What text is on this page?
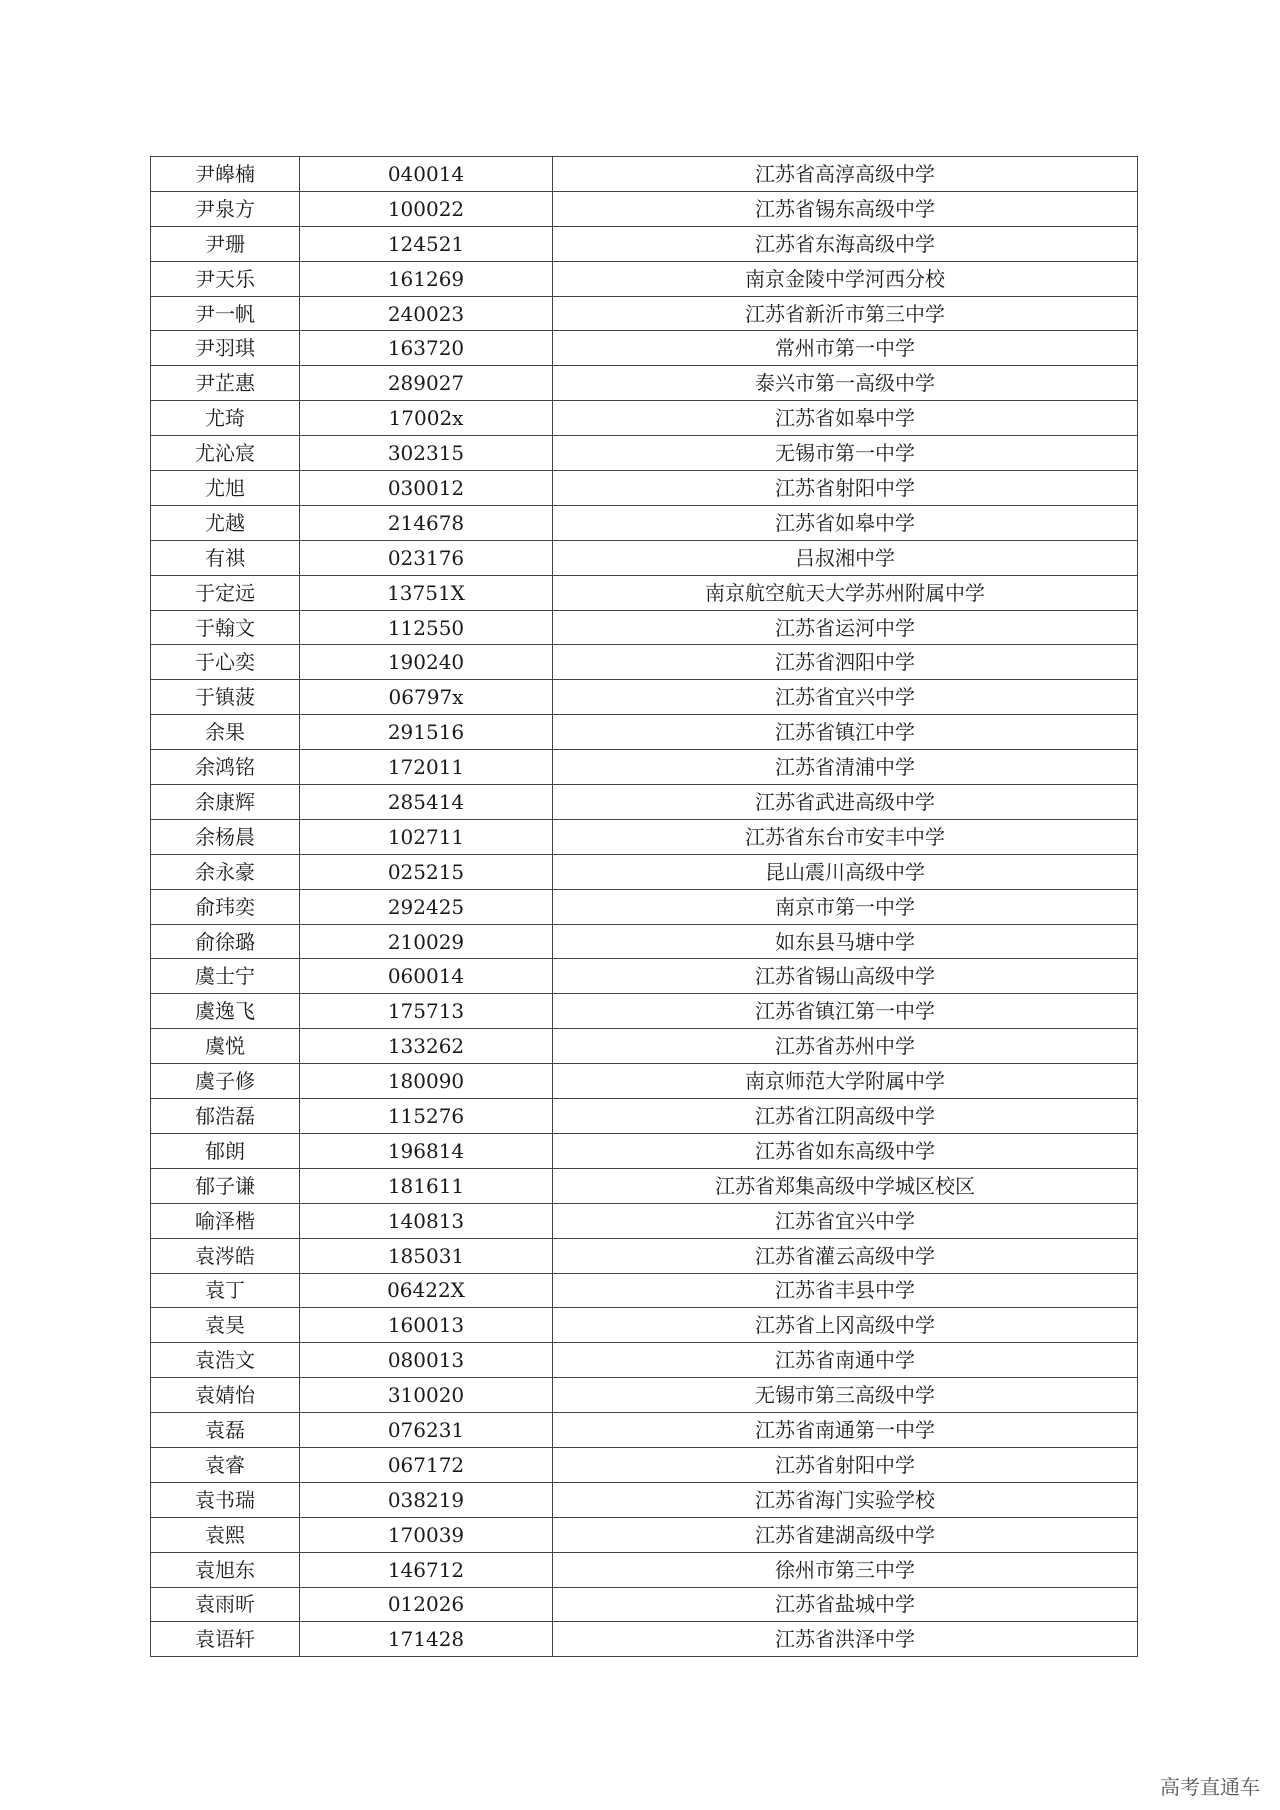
尹皞楠	040014	江苏省高淳高级中学
尹泉方	100022	江苏省锡东高级中学
尹珊	124521	江苏省东海高级中学
尹天乐	161269	南京金陵中学河西分校
尹一帆	240023	江苏省新沂市第三中学
尹羽琪	163720	常州市第一中学
尹芷惠	289027	泰兴市第一高级中学
尤琦	17002x	江苏省如皋中学
尤沁宸	302315	无锡市第一中学
尤旭	030012	江苏省射阳中学
尤越	214678	江苏省如皋中学
有祺	023176	吕叔湘中学
于定远	13751X	南京航空航天大学苏州附属中学
于翰文	112550	江苏省运河中学
于心奕	190240	江苏省泗阳中学
于镇菠	06797x	江苏省宜兴中学
余果	291516	江苏省镇江中学
余鸿铭	172011	江苏省清浦中学
余康辉	285414	江苏省武进高级中学
余杨晨	102711	江苏省东台市安丰中学
余永豪	025215	昆山震川高级中学
俞玮奕	292425	南京市第一中学
俞徐璐	210029	如东县马塘中学
虞士宁	060014	江苏省锡山高级中学
虞逸飞	175713	江苏省镇江第一中学
虞悦	133262	江苏省苏州中学
虞子修	180090	南京师范大学附属中学
郁浩磊	115276	江苏省江阴高级中学
郁朗	196814	江苏省如东高级中学
郁子谦	181611	江苏省郑集高级中学城区校区
喻泽楷	140813	江苏省宜兴中学
袁涔皓	185031	江苏省灌云高级中学
袁丁	06422X	江苏省丰县中学
袁昊	160013	江苏省上冈高级中学
袁浩文	080013	江苏省南通中学
袁婧怡	310020	无锡市第三高级中学
袁磊	076231	江苏省南通第一中学
袁睿	067172	江苏省射阳中学
袁书瑞	038219	江苏省海门实验学校
袁熙	170039	江苏省建湖高级中学
袁旭东	146712	徐州市第三中学
袁雨昕	012026	江苏省盐城中学
袁语轩	171428	江苏省洪泽中学
高考直通车
